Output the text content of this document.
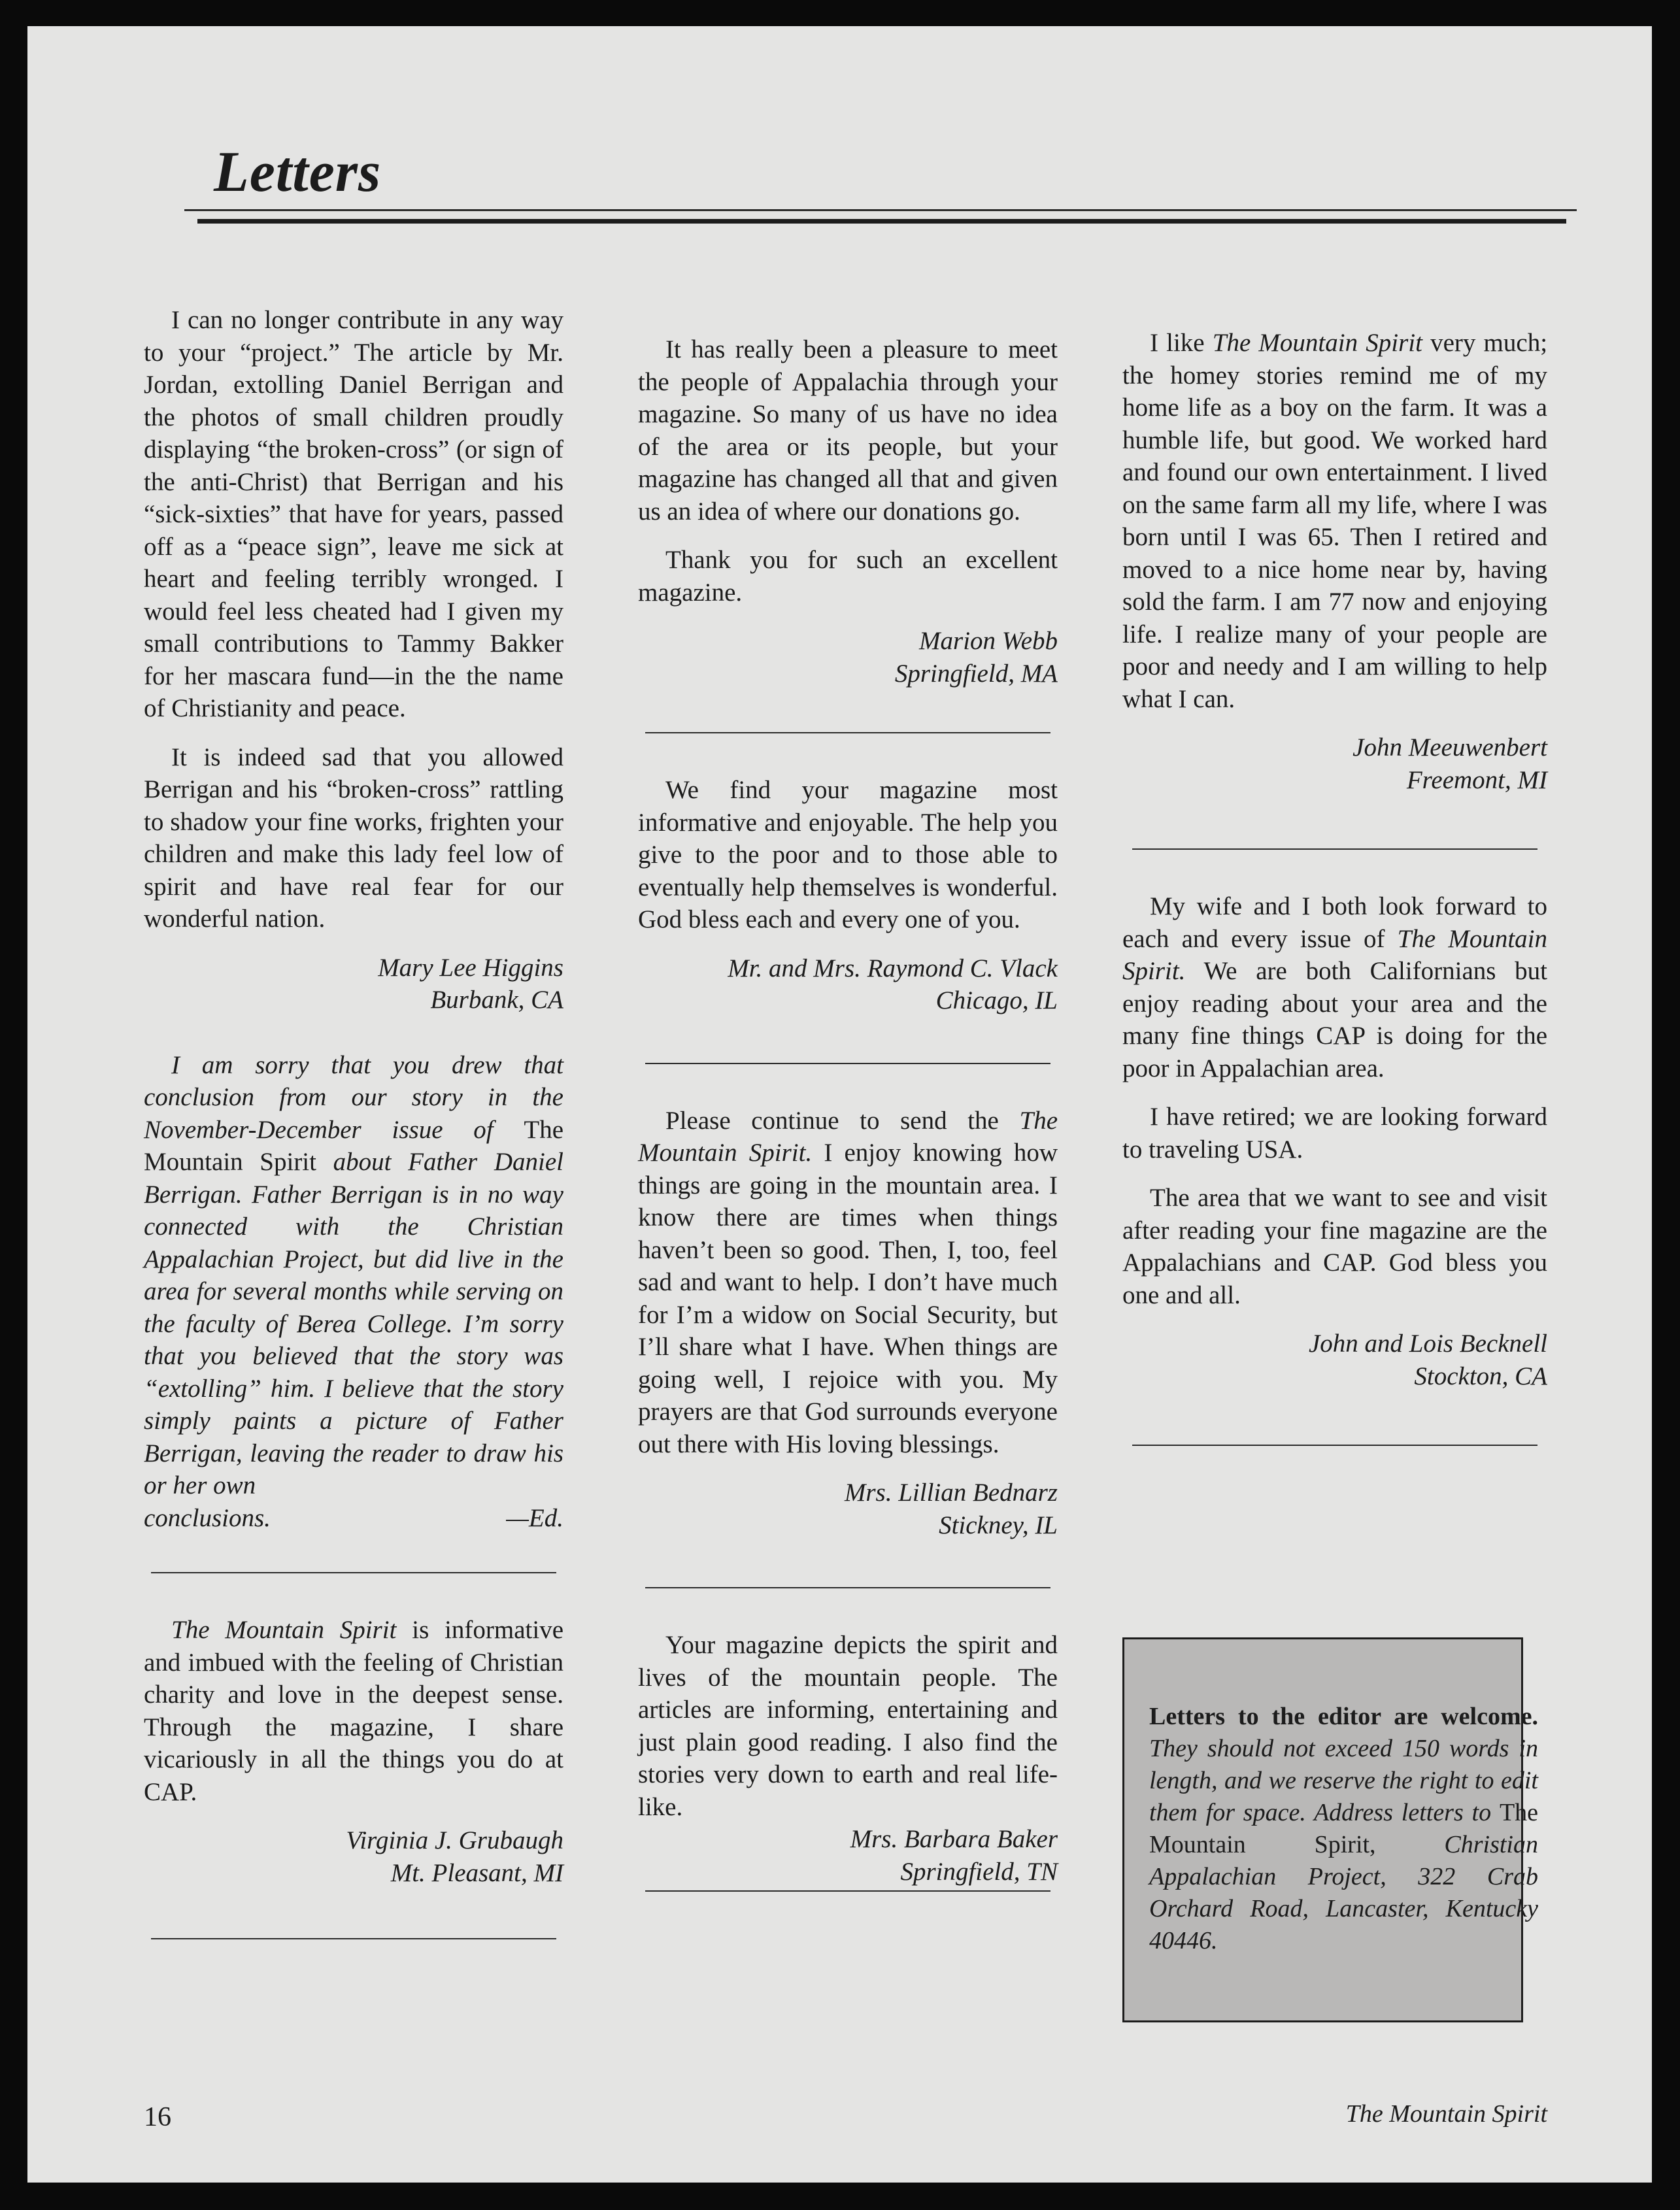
Letters

I can no longer contribute in any way to your “project.” The article by Mr. Jordan, extolling Daniel Berrigan and the photos of small children proudly displaying “the broken-cross” (or sign of the anti-Christ) that Berrigan and his “sick-sixties” that have for years, passed off as a “peace sign”, leave me sick at heart and feeling terribly wronged. I would feel less cheated had I given my small contributions to Tammy Bakker for her mascara fund—in the the name of Christianity and peace.

It is indeed sad that you allowed Berrigan and his “broken-cross” rattling to shadow your fine works, frighten your children and make this lady feel low of spirit and have real fear for our wonderful nation.

Mary Lee Higgins
Burbank, CA

I am sorry that you drew that conclusion from our story in the November-December issue of The Mountain Spirit about Father Daniel Berrigan. Father Berrigan is in no way connected with the Christian Appalachian Project, but did live in the area for several months while serving on the faculty of Berea College. I’m sorry that you believed that the story was “extolling” him. I believe that the story simply paints a picture of Father Berrigan, leaving the reader to draw his or her own

conclusions.	—Ed.

The Mountain Spirit is informative and imbued with the feeling of Christian charity and love in the deepest sense. Through the magazine, I share vicariously in all the things you do at CAP.

Virginia J. Grubaugh
Mt. Pleasant, MI

It has really been a pleasure to meet the people of Appalachia through your magazine. So many of us have no idea of the area or its people, but your magazine has changed all that and given us an idea of where our donations go.

Thank you for such an excellent magazine.

Marion Webb
Springfield, MA

We find your magazine most informative and enjoyable. The help you give to the poor and to those able to eventually help themselves is wonderful. God bless each and every one of you.

Mr. and Mrs. Raymond C. Vlack
Chicago, IL

Please continue to send the The Mountain Spirit. I enjoy knowing how things are going in the mountain area. I know there are times when things haven’t been so good. Then, I, too, feel sad and want to help. I don’t have much for I’m a widow on Social Security, but I’ll share what I have. When things are going well, I rejoice with you. My prayers are that God surrounds everyone out there with His loving blessings.

Mrs. Lillian Bednarz
Stickney, IL

Your magazine depicts the spirit and lives of the mountain people. The articles are informing, entertaining and just plain good reading. I also find the stories very down to earth and real life-like.

Mrs. Barbara Baker
Springfield, TN

I like The Mountain Spirit very much; the homey stories remind me of my home life as a boy on the farm. It was a humble life, but good. We worked hard and found our own entertainment. I lived on the same farm all my life, where I was born until I was 65. Then I retired and moved to a nice home near by, having sold the farm. I am 77 now and enjoying life. I realize many of your people are poor and needy and I am willing to help what I can.

John Meeuwenbert
Freemont, MI

My wife and I both look forward to each and every issue of The Mountain Spirit. We are both Californians but enjoy reading about your area and the many fine things CAP is doing for the poor in Appalachian area.

I have retired; we are looking forward to traveling USA.

The area that we want to see and visit after reading your fine magazine are the Appalachians and CAP. God bless you one and all.

John and Lois Becknell
Stockton, CA
Letters to the editor are welcome. They should not exceed 150 words in length, and we reserve the right to edit them for space. Address letters to The Mountain Spirit,	Christian Appalachian Project, 322 Crab Orchard Road, Lancaster, Kentucky 40446.
16	The Mountain Spirit
